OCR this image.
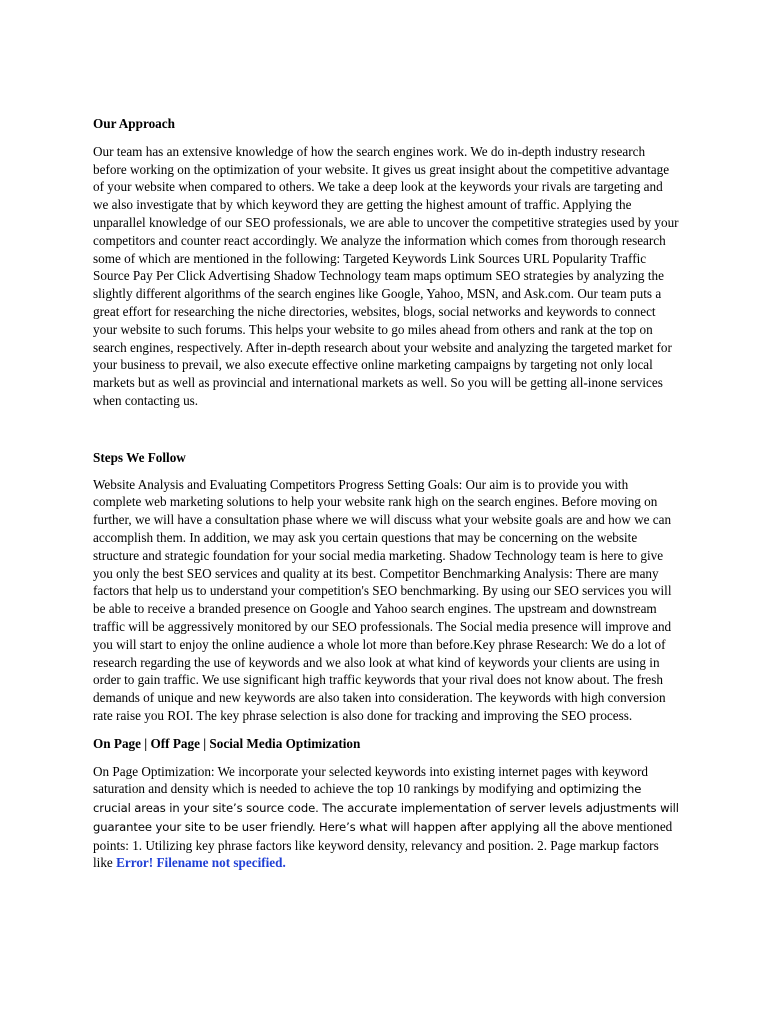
Our Approach

Our team has an extensive knowledge of how the search engines work. We do in-depth industry research before working on the optimization of your website. It gives us great insight about the competitive advantage of your website when compared to others. We take a deep look at the keywords your rivals are targeting and we also investigate that by which keyword they are getting the highest amount of traffic. Applying the unparallel knowledge of our SEO professionals, we are able to uncover the competitive strategies used by your competitors and counter react accordingly. We analyze the information which comes from thorough research some of which are mentioned in the following: Targeted Keywords Link Sources URL Popularity Traffic Source Pay Per Click Advertising Shadow Technology team maps optimum SEO strategies by analyzing the slightly different algorithms of the search engines like Google, Yahoo, MSN, and Ask.com. Our team puts a great effort for researching the niche directories, websites, blogs, social networks and keywords to connect your website to such forums. This helps your website to go miles ahead from others and rank at the top on search engines, respectively. After in-depth research about your website and analyzing the targeted market for your business to prevail, we also execute effective online marketing campaigns by targeting not only local markets but as well as provincial and international markets as well. So you will be getting all-inone services when contacting us.

Steps We Follow

Website Analysis and Evaluating Competitors Progress Setting Goals: Our aim is to provide you with complete web marketing solutions to help your website rank high on the search engines. Before moving on further, we will have a consultation phase where we will discuss what your website goals are and how we can accomplish them. In addition, we may ask you certain questions that may be concerning on the website structure and strategic foundation for your social media marketing. Shadow Technology team is here to give you only the best SEO services and quality at its best. Competitor Benchmarking Analysis: There are many factors that help us to understand your competition's SEO benchmarking. By using our SEO services you will be able to receive a branded presence on Google and Yahoo search engines. The upstream and downstream traffic will be aggressively monitored by our SEO professionals. The Social media presence will improve and you will start to enjoy the online audience a whole lot more than before.Key phrase Research: We do a lot of research regarding the use of keywords and we also look at what kind of keywords your clients are using in order to gain traffic. We use significant high traffic keywords that your rival does not know about. The fresh demands of unique and new keywords are also taken into consideration. The keywords with high conversion rate raise you ROI. The key phrase selection is also done for tracking and improving the SEO process.

On Page | Off Page | Social Media Optimization

On Page Optimization: We incorporate your selected keywords into existing internet pages with keyword saturation and density which is needed to achieve the top 10 rankings by modifying and optimizing the crucial areas in your site’s source code. The accurate implementation of server levels adjustments will guarantee your site to be user friendly. Here’s what will happen after applying all the above mentioned points: 1. Utilizing key phrase factors like keyword density, relevancy and position. 2. Page markup factors like Error! Filename not specified.
